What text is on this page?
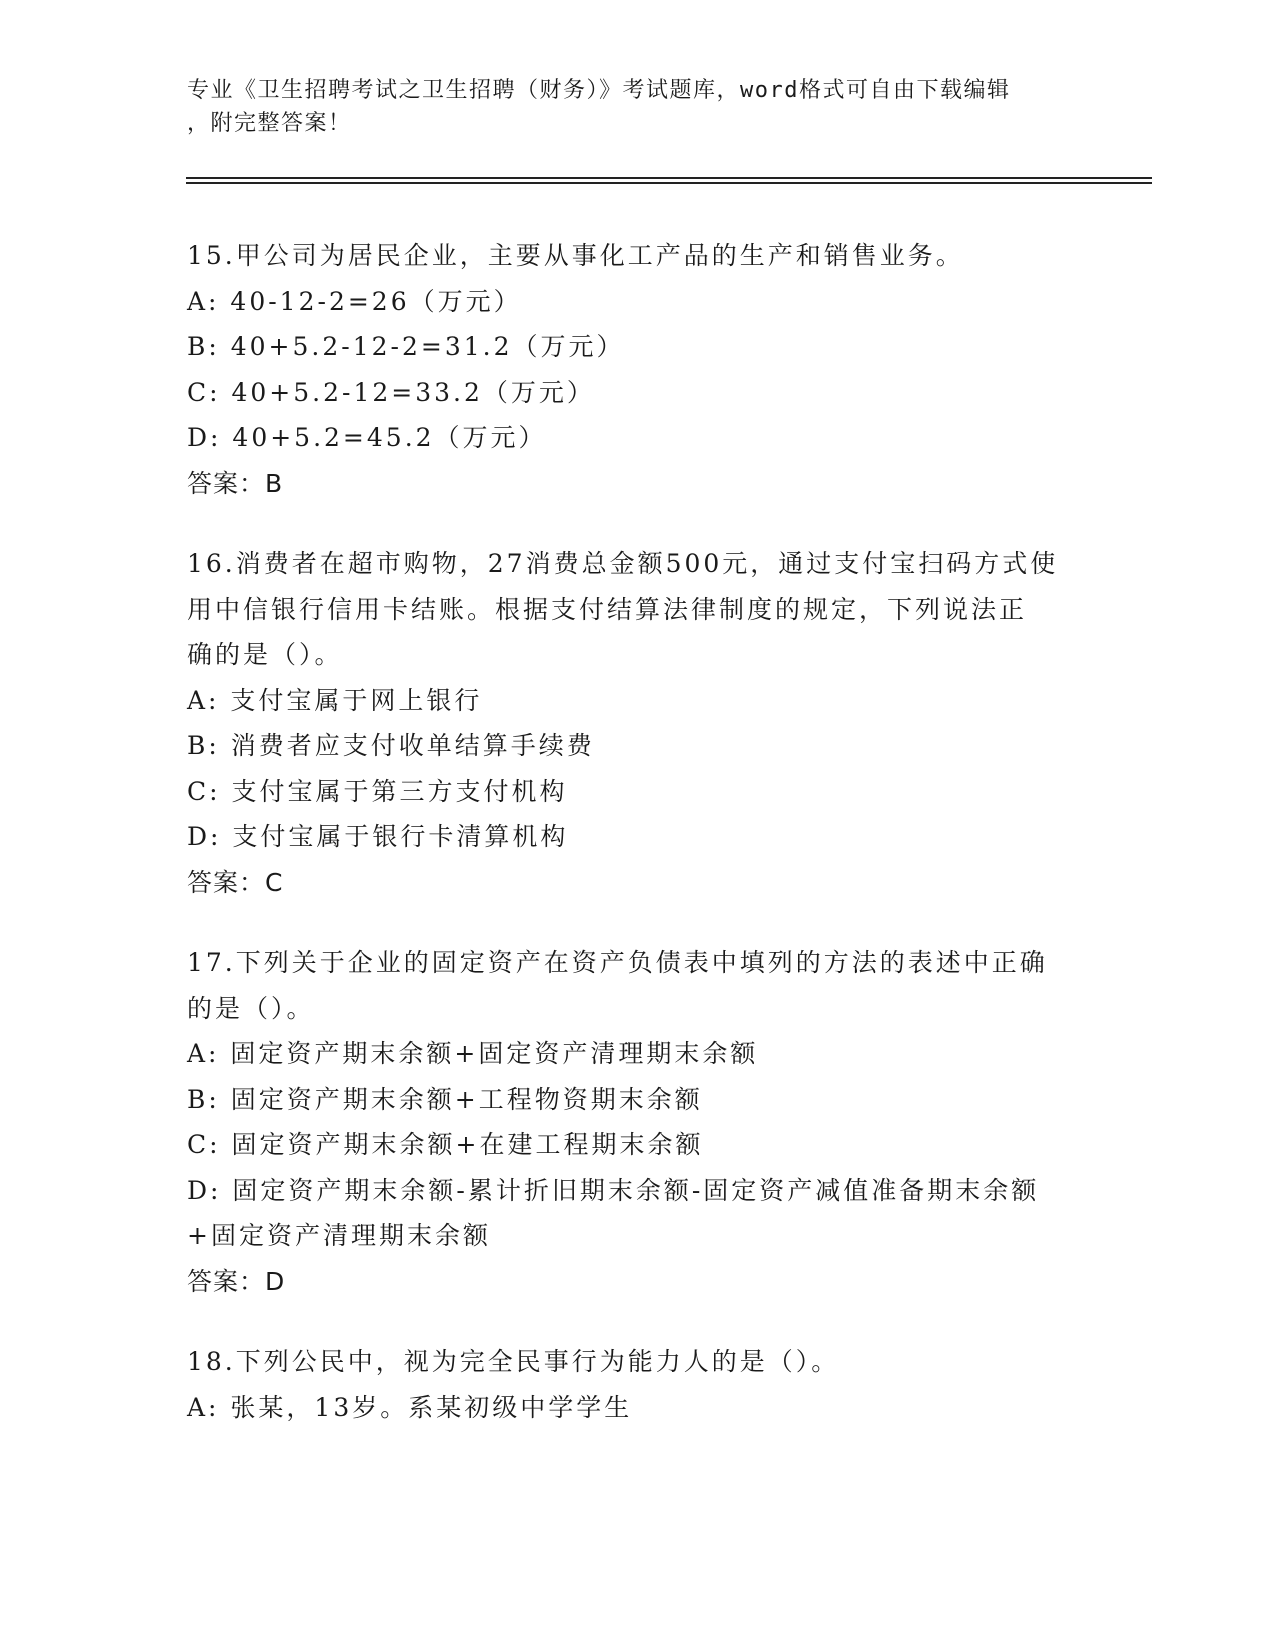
专业《卫生招聘考试之卫生招聘（财务）》考试题库，word格式可自由下载编辑
，附完整答案！
15.甲公司为居民企业，主要从事化工产品的生产和销售业务。
A: 40-12-2=26（万元）
B: 40+5.2-12-2=31.2（万元）
C: 40+5.2-12=33.2（万元）
D: 40+5.2=45.2（万元）
答案：B
16.消费者在超市购物，27消费总金额500元，通过支付宝扫码方式使
用中信银行信用卡结账。根据支付结算法律制度的规定，下列说法正
确的是（）。
A: 支付宝属于网上银行
B: 消费者应支付收单结算手续费
C: 支付宝属于第三方支付机构
D: 支付宝属于银行卡清算机构
答案：C
17.下列关于企业的固定资产在资产负债表中填列的方法的表述中正确
的是（）。
A: 固定资产期末余额+固定资产清理期末余额
B: 固定资产期末余额+工程物资期末余额
C: 固定资产期末余额+在建工程期末余额
D: 固定资产期末余额-累计折旧期末余额-固定资产减值准备期末余额
+固定资产清理期末余额
答案：D
18.下列公民中，视为完全民事行为能力人的是（）。
A: 张某，13岁。系某初级中学学生
